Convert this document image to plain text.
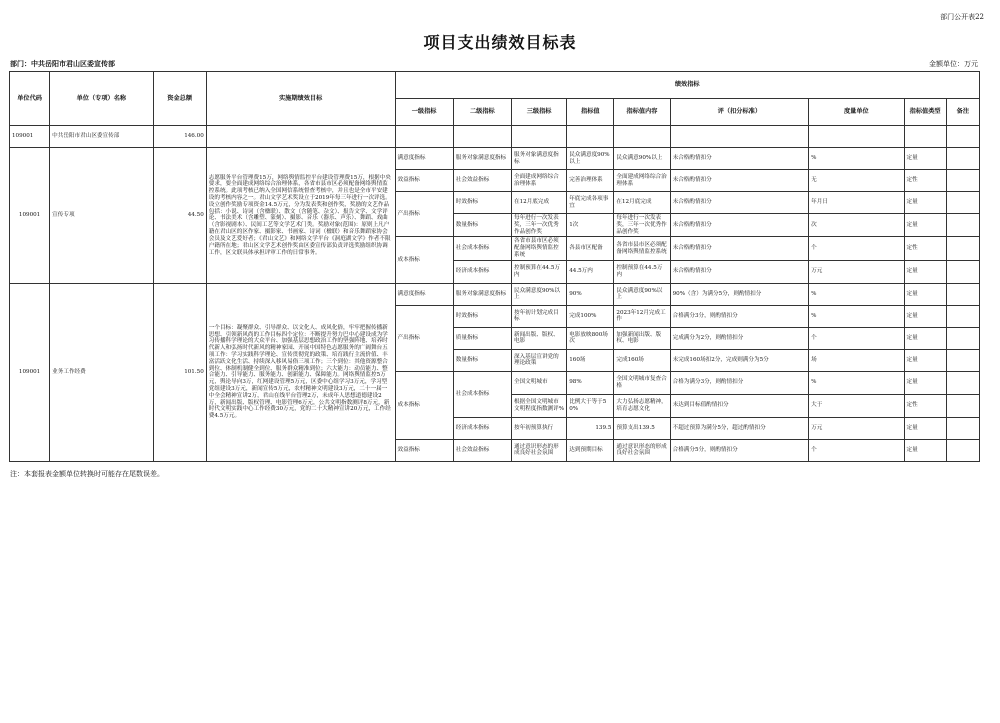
部门公开表22
项目支出绩效目标表
部门：中共岳阳市君山区委宣传部	金额单位：万元
单位代码	单位（专项）名称	资金总额	实施期绩效目标	绩效指标								
				一级指标	二级指标	三级指标	指标值	指标值内容	评（扣分标准）	度量单位	指标值类型	备注
109001	中共岳阳市君山区委宣传部	146.00										
109001	宣传专项	44.50	志愿服务平台管理费15万，网络舆情监控平台建设管理费15万，根据中央要求，要全面建成网络综合治理体系，各省市县市区必须配备网络舆情监控系统。此项考核已纳入全国网信系统督查考核中，并且也是全市平安建设的考核内容之一。君山文学艺术奖设立于2019年每三年进行一次评选。设立创作奖励专项资金14.5万元，分为发表奖和创作奖，奖励的文艺作品包括：小说、诗词（含楹联）、散文（含随笔、杂文）、报告文学、文学评论、书法美术（含雕塑、篆刻）、摄影、音乐（器乐、声乐）、舞蹈、戏曲（含影视剧本）、民间工艺等文学艺术门类。奖励对象(范围)：原则上凡户籍在君山区的区作家、摄影家、书画家、诗词（楹联）和音乐舞蹈家协会会员及文艺爱好者；《君山文艺》和网络文学平台《洞庭湖文学》作者不限户籍所在地；君山区文学艺术创作奖由区委宣传部负责评选奖励组织协调工作，区文联具体承担评审工作的日常事务。	满意度指标	服务对象满意度指标	服务对象满意度指标	民众满意度90%以上	民众满意90%以上	未合格酌情扣分	%	定量	
				效益指标	社会效益指标	全面建成网络综合治理体系	完善治理体系	全面建成网络综合治理体系	未合格酌情扣分	无	定性	
				产出指标	时效指标	在12月底完成	年底完成各项事宜	在12月底完成	未合格酌情扣分	年月日	定量	
					数量指标	每年进行一次发表奖，三年一次优秀作品创作奖	1次	每年进行一次发表奖，三年一次优秀作品创作奖	未合格酌情扣分	次	定量	
				成本指标	社会成本指标	各省市县市区必须配备网络舆情监控系统	各县市区配备	各省市县市区必须配备网络舆情监控系统	未合格酌情扣分	个	定性	
					经济成本指标	控制预算在44.5万内	44.5万内	控制预算在44.5万内	未合格酌情扣分	万元	定量	
109001	业务工作经费	101.50	一个目标：凝聚群众、引导群众、以文化人、成风化俗，牢牢把握传播新思想、引领新风尚的工作目标四个定位：不断提升努力巴中心建设成为学习传播科学理论的大众平台、加强基层思想政治工作的坚强阵地、培养时代新人和弘扬时代新风的精神家园、开展中国特色志愿服务的广阔舞台五项工作：学习实践科学理论、宣传贯彻党的政策、培育践行主流价值、丰富活跃文化生活、持续深入移风易俗三项工作；三个到位：其他资源整合到位、体制机制健全到位、服务群众精准到位；六大能力：动员能力、整合能力、引导能力、服务能力、创新能力、保障能力。网络舆情监控5万元，舆论导向3万，红网建设管理5万元，区委中心组学习3万元，学习型党组建设3万元，新闻宣传5万元，农村精神文明建设3万元，二十一届一中全会精神宣讲2万，君山在线平台管理2万，未成年人思想道德建设2万，新闻出版、版权管理、电影管理6万元，公共文明指数测评8万元，新时代文明实践中心工作经费30万元，党的二十大精神宣讲20万元，工作经费4.5万元。	满意度指标	服务对象满意度指标	民众满意度90%以上	90%	民众满意度90%以上	90%（含）为满分5分，则酌情扣分	%	定量	
				产出指标	时效指标	按年初计划完成目标	完成100%	2023年12月完成工作	合格满分3分，则酌情扣分	%	定量	
					质量指标	新闻出版、版权、电影	电影放映800场次	加强新闻出版、版权、电影	完成满分为2分，则酌情扣分	个	定量	
					数量指标	深入基层宣讲党的理论政策	160场	完成160场	未完成160场扣2分，完成则满分为5分	场	定量	
				成本指标	社会成本指标	全国文明城市	98%	全国文明城市复查合格	合格为满分3分，则酌情扣分	%	定量	
						根据全国文明城市文明程度指数测评%	比例大于等于50%	大力弘扬志愿精神，培育志愿文化	未达到目标值酌情扣分	大于	定性	
					经济成本指标	按年初预算执行	139.5	预算支出139.5	不超过预算为满分5分，超过酌情扣分	万元	定量	
				效益指标	社会效益指标	通过意识形态的形成良好社会氛围	达到预期目标	通过意识形态的形成良好社会氛围	合格满分5分，则酌情扣分	个	定量	
注：本套报表金额单位转换时可能存在尾数误差。
